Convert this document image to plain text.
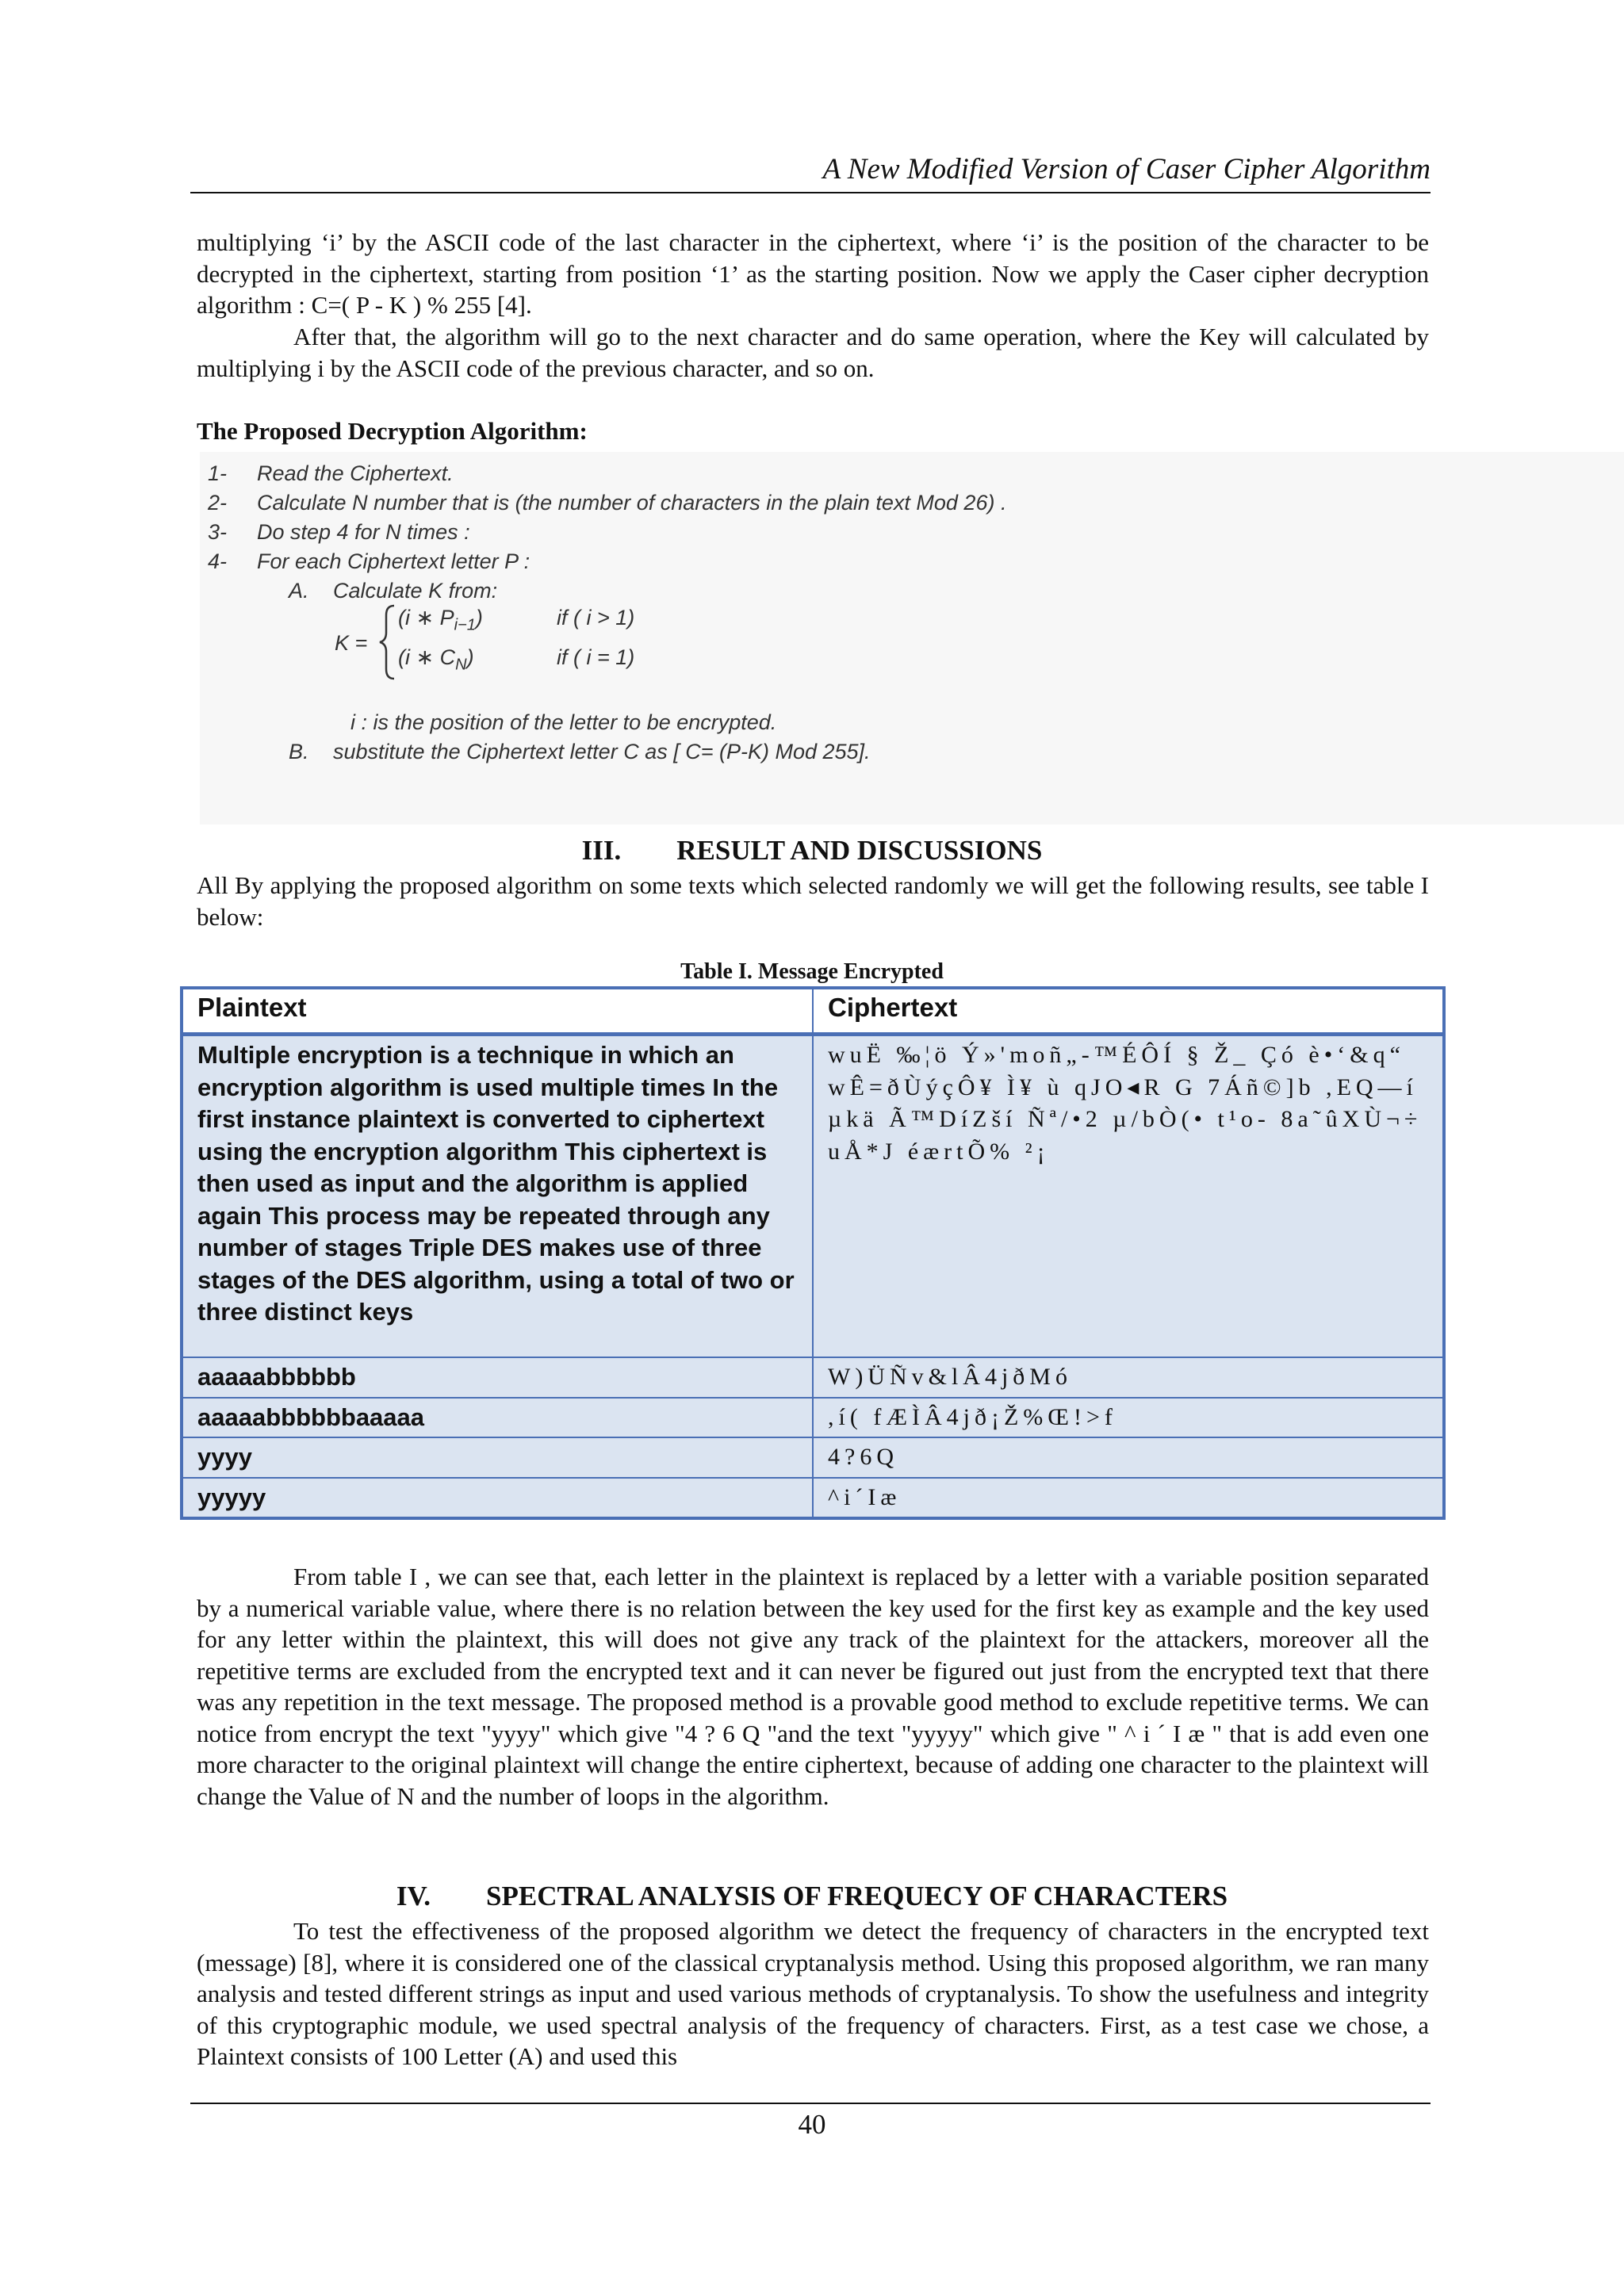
A New Modified Version of Caser Cipher Algorithm

multiplying ‘i’ by the ASCII code of the last character in the ciphertext, where ‘i’ is the position of the character to be decrypted in the ciphertext, starting from position ‘1’ as the starting position. Now we apply the Caser cipher decryption algorithm : C=( P - K ) % 255 [4].

After that, the algorithm will go to the next character and do same operation, where the Key will calculated by multiplying i by the ASCII code of the previous character, and so on.

The Proposed Decryption Algorithm:
1- Read the Ciphertext.
2- Calculate N number that is (the number of characters in the plain text Mod 26) .
3- Do step 4 for N times :
4- For each Ciphertext letter P :
A. Calculate K from:
K =
(i ∗ $P_{i-1}$)	if ( i > 1)
(i ∗ $C_N$)	if ( i = 1)
i : is the position of the letter to be encrypted.
B. substitute the Ciphertext letter C as [ C= (P-K) Mod 255].
III. RESULT AND DISCUSSIONS

All By applying the proposed algorithm on some texts which selected randomly we will get the following results, see table I below:

Table I. Message Encrypted
Plaintext	Ciphertext
Multiple encryption is a technique in which an encryption algorithm is used multiple times In the first instance plaintext is converted to ciphertext using the encryption algorithm This ciphertext is then used as input and the algorithm is applied again This process may be repeated through any number of stages Triple DES makes use of three stages of the DES algorithm, using a total of two or three distinct keys	wuË ‰¦ö Ý»'moñ„-™ÉÔÍ § Ž_ Çó è•‘&q“ wÊ=ðÙýçÔ¥ Ì¥ ù qJO◂R G 7Áñ©]b ,EQ—í µkä Ã™DíZší Ñª/•2 µ/bÒ(• t¹o- 8a˜ûXÙ¬÷uÅ*J éærtÕ% ²¡
aaaaabbbbbb	W)ÜÑv&lÂ4jðMó
aaaaabbbbbbaaaaa	,í( fÆÌÂ4jð¡Ž%Œ!>f
yyyy	4?6Q
yyyyy	^i´Iæ

From table I , we can see that, each letter in the plaintext is replaced by a letter with a variable position separated by a numerical variable value, where there is no relation between the key used for the first key as example and the key used for any letter within the plaintext, this will does not give any track of the plaintext for the attackers, moreover all the repetitive terms are excluded from the encrypted text and it can never be figured out just from the encrypted text that there was any repetition in the text message. The proposed method is a provable good method to exclude repetitive terms. We can notice from encrypt the text "yyyy" which give "4 ? 6 Q "and the text "yyyyy" which give " ^ i ´ I æ " that is add even one more character to the original plaintext will change the entire ciphertext, because of adding one character to the plaintext will change the Value of N and the number of loops in the algorithm.

IV. SPECTRAL ANALYSIS OF FREQUECY OF CHARACTERS

To test the effectiveness of the proposed algorithm we detect the frequency of characters in the encrypted text (message) [8], where it is considered one of the classical cryptanalysis method. Using this proposed algorithm, we ran many analysis and tested different strings as input and used various methods of cryptanalysis. To show the usefulness and integrity of this cryptographic module, we used spectral analysis of the frequency of characters. First, as a test case we chose, a Plaintext consists of 100 Letter (A) and used this

40
